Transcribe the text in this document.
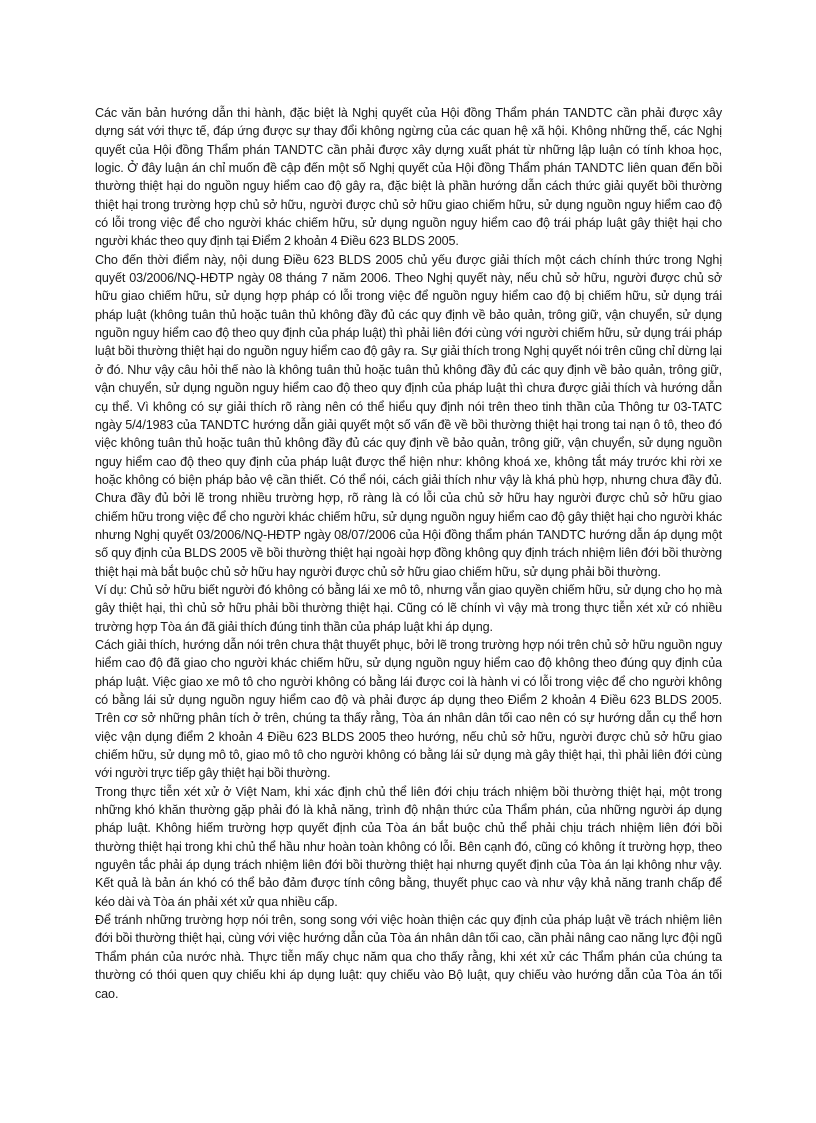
Các văn bản hướng dẫn thi hành, đặc biệt là Nghị quyết của Hội đồng Thẩm phán TANDTC cần phải được xây dựng sát với thực tế, đáp ứng được sự thay đổi không ngừng của các quan hệ xã hội. Không những thế, các Nghị quyết của Hội đồng Thẩm phán TANDTC cần phải được xây dựng xuất phát từ những lập luận có tính khoa học, logic. Ở đây luận án chỉ muốn đề cập đến một số Nghị quyết của Hội đồng Thẩm phán TANDTC liên quan đến bồi thường thiệt hại do nguồn nguy hiểm cao độ gây ra, đặc biệt là phần hướng dẫn cách thức giải quyết bồi thường thiệt hại trong trường hợp chủ sở hữu, người được chủ sở hữu giao chiếm hữu, sử dụng nguồn nguy hiểm cao độ có lỗi trong việc để cho người khác chiếm hữu, sử dụng nguồn nguy hiểm cao độ trái pháp luật gây thiệt hại cho người khác theo quy định tại Điểm 2 khoản 4 Điều 623 BLDS 2005.

Cho đến thời điểm này, nội dung Điều 623 BLDS 2005 chủ yếu được giải thích một cách chính thức trong Nghị quyết 03/2006/NQ-HĐTP ngày 08 tháng 7 năm 2006. Theo Nghị quyết này, nếu chủ sở hữu, người được chủ sở hữu giao chiếm hữu, sử dụng hợp pháp có lỗi trong việc để nguồn nguy hiểm cao độ bị chiếm hữu, sử dụng trái pháp luật (không tuân thủ hoặc tuân thủ không đầy đủ các quy định về bảo quản, trông giữ, vận chuyển, sử dụng nguồn nguy hiểm cao độ theo quy định của pháp luật) thì phải liên đới cùng với người chiếm hữu, sử dụng trái pháp luật bồi thường thiệt hại do nguồn nguy hiểm cao độ gây ra. Sự giải thích trong Nghị quyết nói trên cũng chỉ dừng lại ở đó. Như vậy câu hỏi thế nào là không tuân thủ hoặc tuân thủ không đầy đủ các quy định về bảo quản, trông giữ, vận chuyển, sử dụng nguồn nguy hiểm cao độ theo quy định của pháp luật thì chưa được giải thích và hướng dẫn cụ thể. Vì không có sự giải thích rõ ràng nên có thể hiểu quy định nói trên theo tinh thần của Thông tư 03-TATC ngày 5/4/1983 của TANDTC hướng dẫn giải quyết một số vấn đề về bồi thường thiệt hại trong tai nạn ô tô, theo đó việc không tuân thủ hoặc tuân thủ không đầy đủ các quy định về bảo quản, trông giữ, vận chuyển, sử dụng nguồn nguy hiểm cao độ theo quy định của pháp luật được thể hiện như: không khoá xe, không tắt máy trước khi rời xe hoặc không có biện pháp bảo vệ cần thiết. Có thể nói, cách giải thích như vậy là khá phù hợp, nhưng chưa đầy đủ. Chưa đầy đủ bởi lẽ trong nhiều trường hợp, rõ ràng là có lỗi của chủ sở hữu hay người được chủ sở hữu giao chiếm hữu trong việc để cho người khác chiếm hữu, sử dụng nguồn nguy hiểm cao độ gây thiệt hại cho người khác nhưng Nghị quyết 03/2006/NQ-HĐTP ngày 08/07/2006 của Hội đồng thẩm phán TANDTC hướng dẫn áp dụng một số quy định của BLDS 2005 về bồi thường thiệt hại ngoài hợp đồng không quy định trách nhiệm liên đới bồi thường thiệt hại mà bắt buộc chủ sở hữu hay người được chủ sở hữu giao chiếm hữu, sử dụng phải bồi thường.

Ví dụ: Chủ sở hữu biết người đó không có bằng lái xe mô tô, nhưng vẫn giao quyền chiếm hữu, sử dụng cho họ mà gây thiệt hại, thì chủ sở hữu phải bồi thường thiệt hại. Cũng có lẽ chính vì vậy mà trong thực tiễn xét xử có nhiều trường hợp Tòa án đã giải thích đúng tinh thần của pháp luật khi áp dụng.

Cách giải thích, hướng dẫn nói trên chưa thật thuyết phục, bởi lẽ trong trường hợp nói trên chủ sở hữu nguồn nguy hiểm cao độ đã giao cho người khác chiếm hữu, sử dụng nguồn nguy hiểm cao độ không theo đúng quy định của pháp luật. Việc giao xe mô tô cho người không có bằng lái được coi là hành vi có lỗi trong việc để cho người không có bằng lái sử dụng nguồn nguy hiểm cao độ và phải được áp dụng theo Điểm 2 khoản 4 Điều 623 BLDS 2005. Trên cơ sở những phân tích ở trên, chúng ta thấy rằng, Tòa án nhân dân tối cao nên có sự hướng dẫn cụ thể hơn việc vận dụng điểm 2 khoản 4 Điều 623 BLDS 2005 theo hướng, nếu chủ sở hữu, người được chủ sở hữu giao chiếm hữu, sử dụng mô tô, giao mô tô cho người không có bằng lái sử dụng mà gây thiệt hại, thì phải liên đới cùng với người trực tiếp gây thiệt hại bồi thường.

Trong thực tiễn xét xử ở Việt Nam, khi xác định chủ thể liên đới chịu trách nhiệm bồi thường thiệt hại, một trong những khó khăn thường gặp phải đó là khả năng, trình độ nhận thức của Thẩm phán, của những người áp dụng pháp luật. Không hiếm trường hợp quyết định của Tòa án bắt buộc chủ thể phải chịu trách nhiệm liên đới bồi thường thiệt hại trong khi chủ thể hầu như hoàn toàn không có lỗi. Bên cạnh đó, cũng có không ít trường hợp, theo nguyên tắc phải áp dụng trách nhiệm liên đới bồi thường thiệt hại nhưng quyết định của Tòa án lại không như vậy. Kết quả là bản án khó có thể bảo đảm được tính công bằng, thuyết phục cao và như vậy khả năng tranh chấp để kéo dài và Tòa án phải xét xử qua nhiều cấp.

Để tránh những trường hợp nói trên, song song với việc hoàn thiện các quy định của pháp luật về trách nhiệm liên đới bồi thường thiệt hại, cùng với việc hướng dẫn của Tòa án nhân dân tối cao, cần phải nâng cao năng lực đội ngũ Thẩm phán của nước nhà. Thực tiễn mấy chục năm qua cho thấy rằng, khi xét xử các Thẩm phán của chúng ta thường có thói quen quy chiếu khi áp dụng luật: quy chiếu vào Bộ luật, quy chiếu vào hướng dẫn của Tòa án tối cao.
